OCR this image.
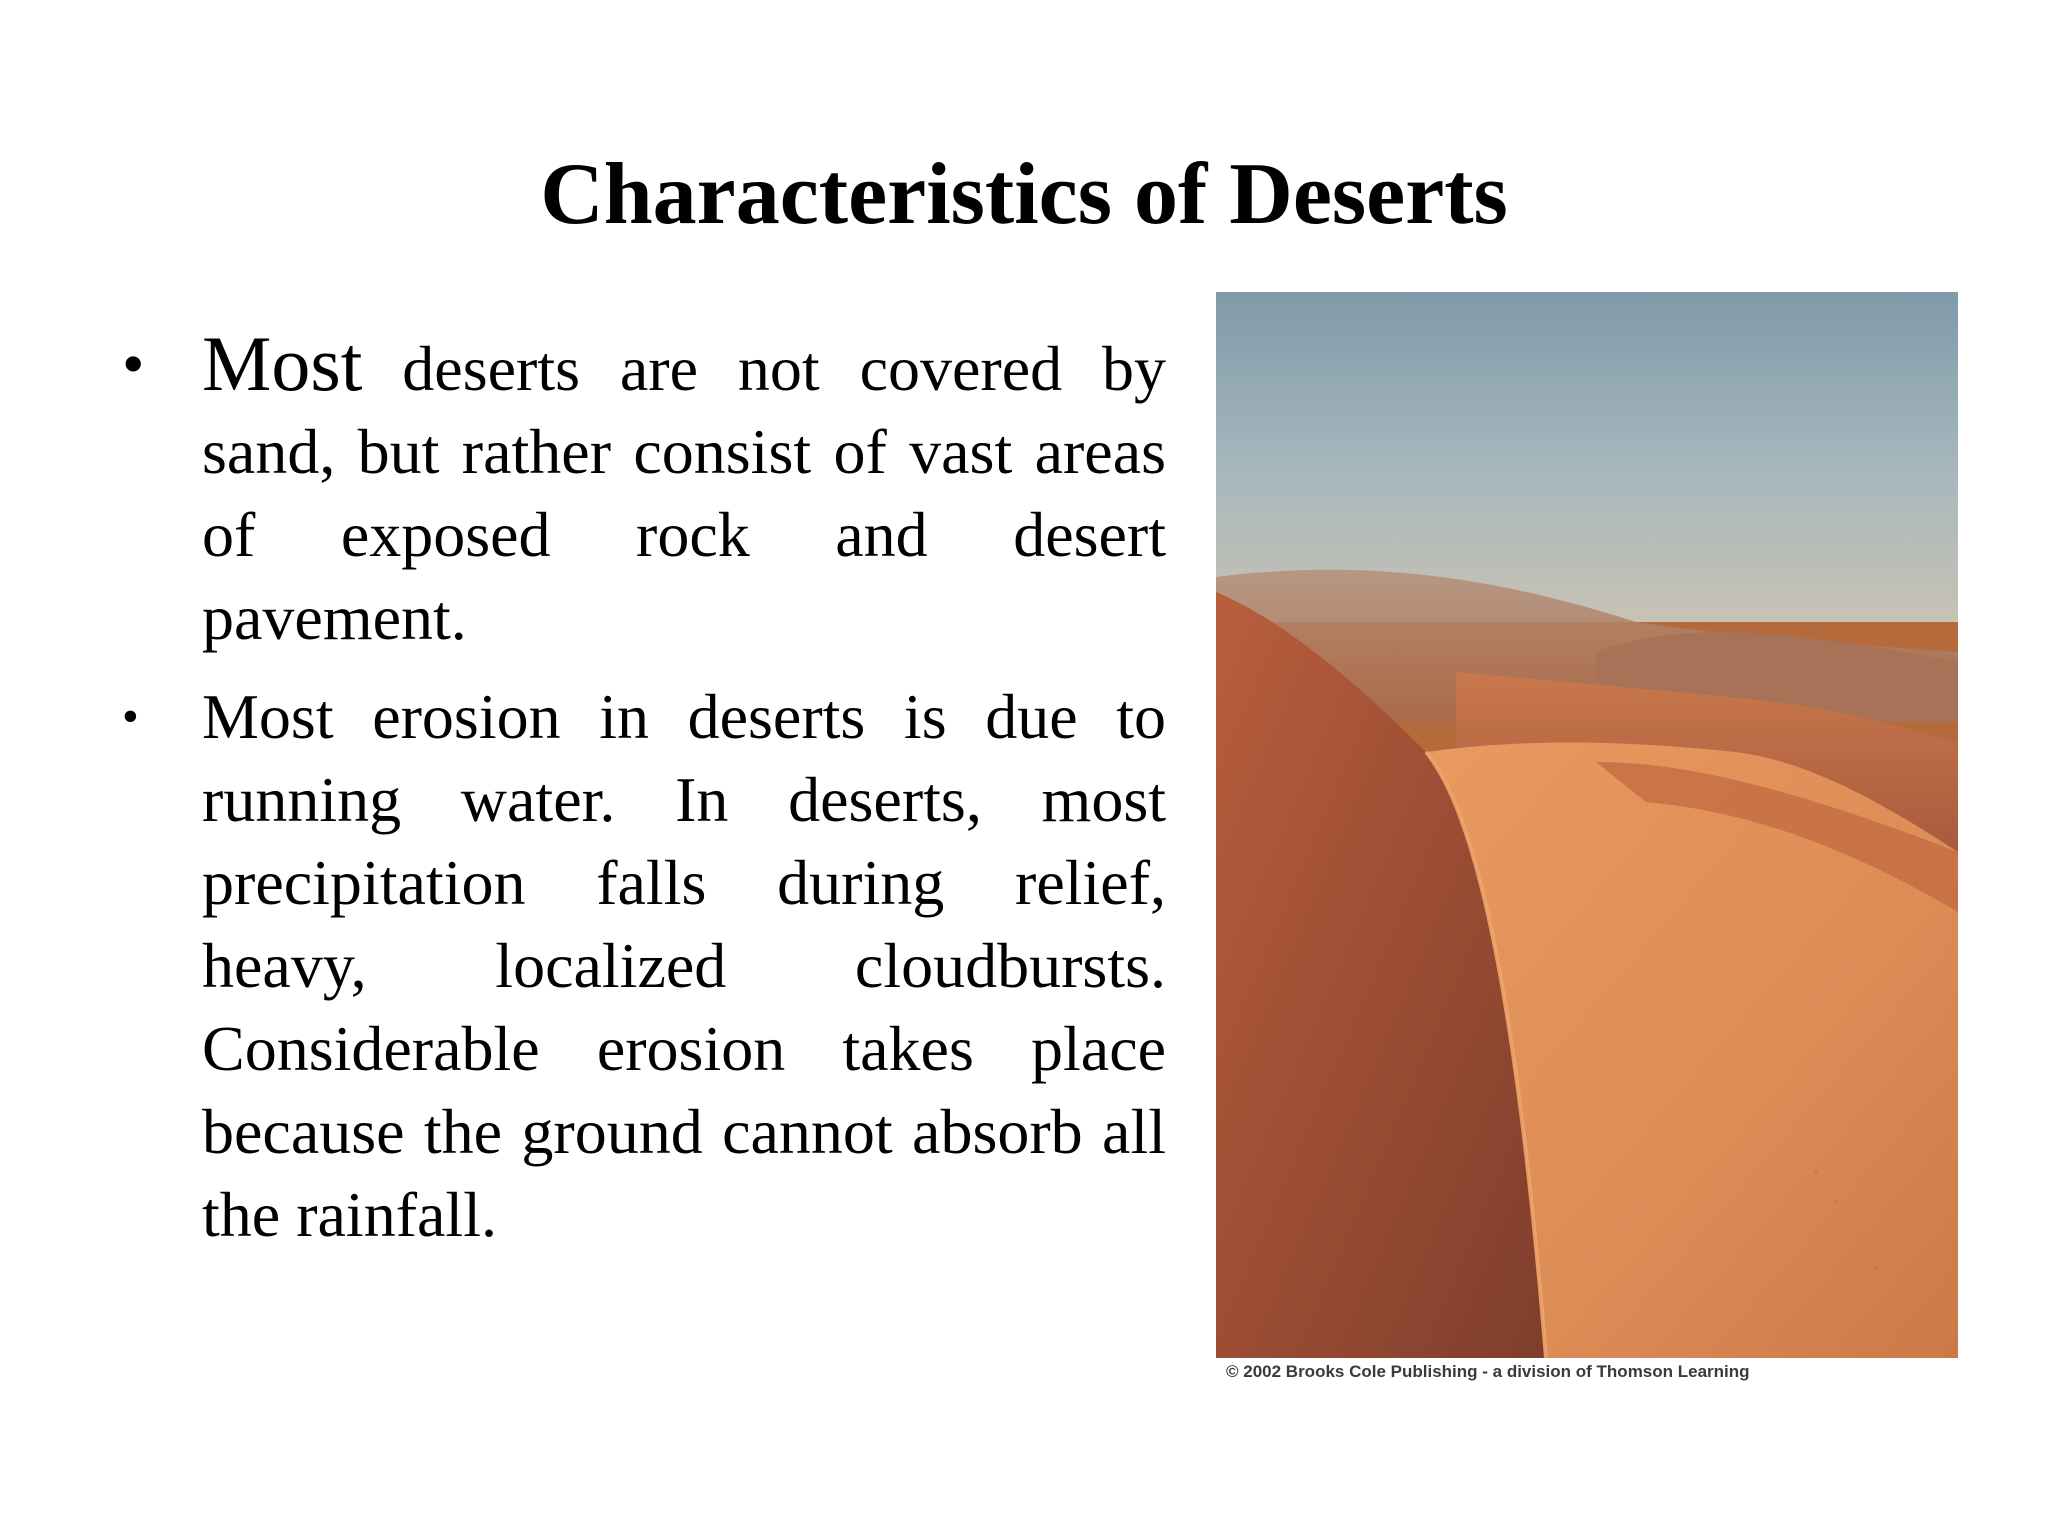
Characteristics of Deserts
• Most deserts are not covered by sand, but rather consist of vast areas of exposed rock and desert pavement.
• Most erosion in deserts is due to running water. In deserts, most precipitation falls during relief, heavy, localized cloudbursts. Considerable erosion takes place because the ground cannot absorb all the rainfall.
© 2002 Brooks Cole Publishing - a division of Thomson Learning
